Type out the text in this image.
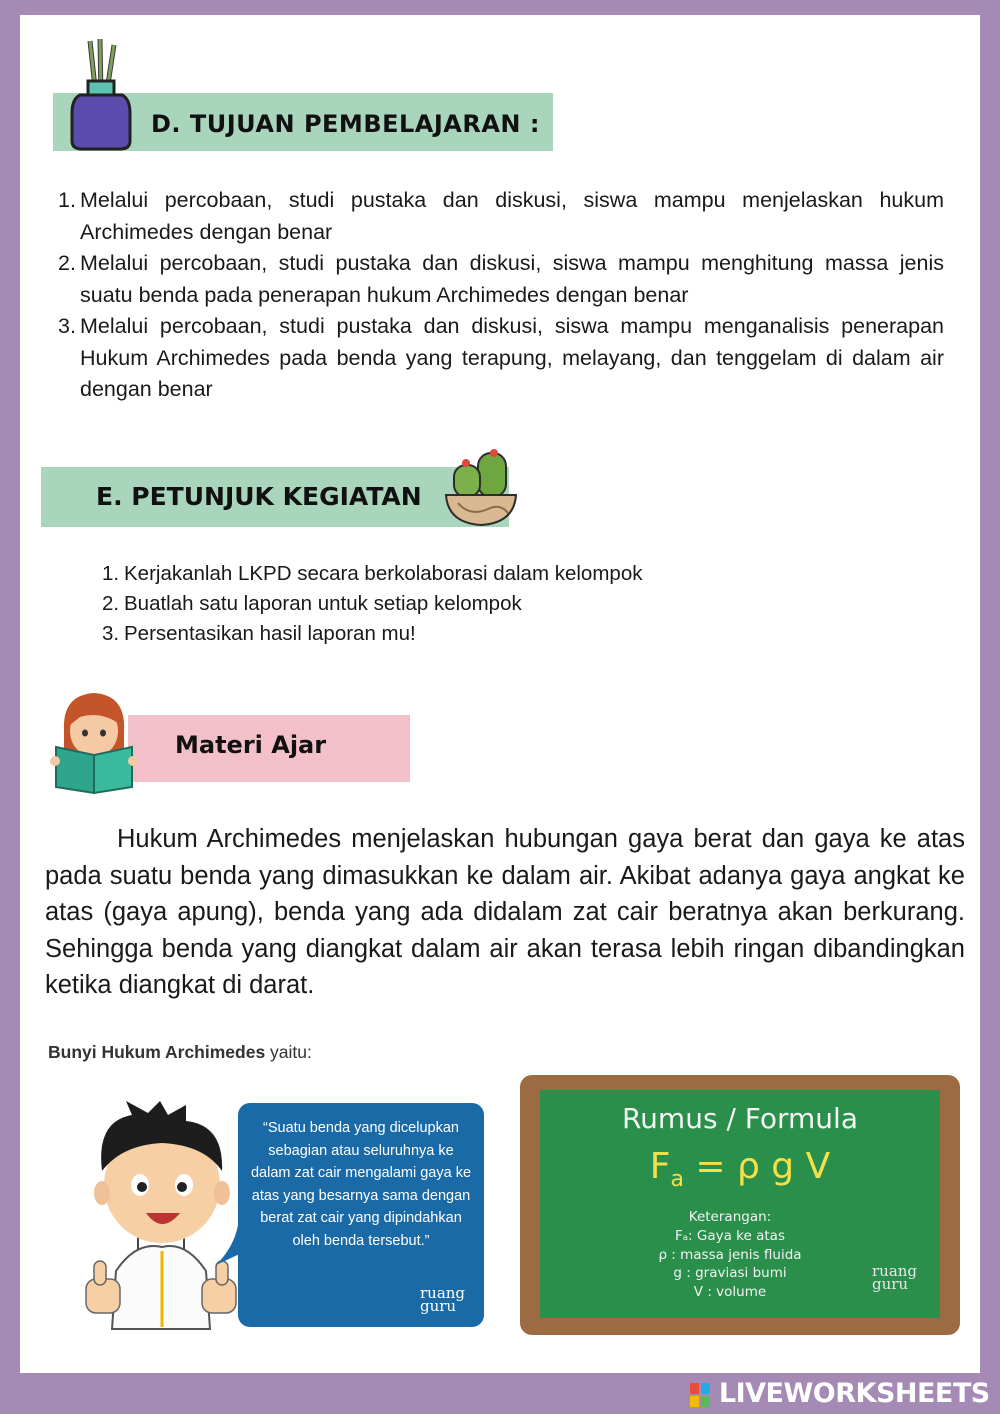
D. TUJUAN PEMBELAJARAN :
1. Melalui percobaan, studi pustaka dan diskusi, siswa mampu menjelaskan hukum Archimedes dengan benar
2. Melalui percobaan, studi pustaka dan diskusi, siswa mampu menghitung massa jenis suatu benda pada penerapan hukum Archimedes dengan benar
3. Melalui percobaan, studi pustaka dan diskusi, siswa mampu menganalisis penerapan Hukum Archimedes pada benda yang terapung, melayang, dan tenggelam di dalam air dengan benar
E. PETUNJUK KEGIATAN
1. Kerjakanlah LKPD secara berkolaborasi dalam kelompok
2. Buatlah satu laporan untuk setiap kelompok
3. Persentasikan hasil laporan mu!
Materi Ajar
Hukum Archimedes menjelaskan hubungan gaya berat dan gaya ke atas pada suatu benda yang dimasukkan ke dalam air. Akibat adanya gaya angkat ke atas (gaya apung), benda yang ada didalam zat cair beratnya akan berkurang. Sehingga benda yang diangkat dalam air akan terasa lebih ringan dibandingkan ketika diangkat di darat.
Bunyi Hukum Archimedes yaitu:
“Suatu benda yang dicelupkan sebagian atau seluruhnya ke dalam zat cair mengalami gaya ke atas yang besarnya sama dengan berat zat cair yang dipindahkan oleh benda tersebut.”
ruang
guru
Rumus / Formula
$F_a = \rho$ g V
Keterangan:
Fₐ: Gaya ke atas
ρ : massa jenis fluida
g : graviasi bumi
V : volume
ruang
guru
LIVEWORKSHEETS
